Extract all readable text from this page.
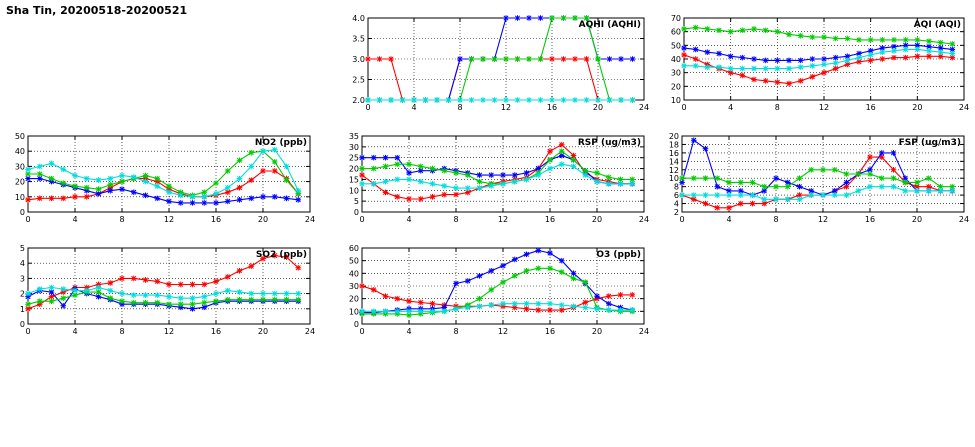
Sha Tin, 20200518-20200521
0	4	8	12	16	20	24
2.0
2.5
3.0
3.5
4.0
AQHI (AQHI)
0	4	8	12	16	20	24
10
20
30
40
50
60
70
AQI (AQI)
0	4	8	12	16	20	24
0
10
20
30
40
50
NO2 (ppb)
0	4	8	12	16	20	24
0
5
10
15
20
25
30
35
RSP (ug/m3)
0	4	8	12	16	20	24
2
4
6
8
10
12
14
16
18
20
FSP (ug/m3)
0	4	8	12	16	20	24
0
1
2
3
4
5
SO2 (ppb)
0	4	8	12	16	20	24
0
10
20
30
40
50
60
O3 (ppb)
